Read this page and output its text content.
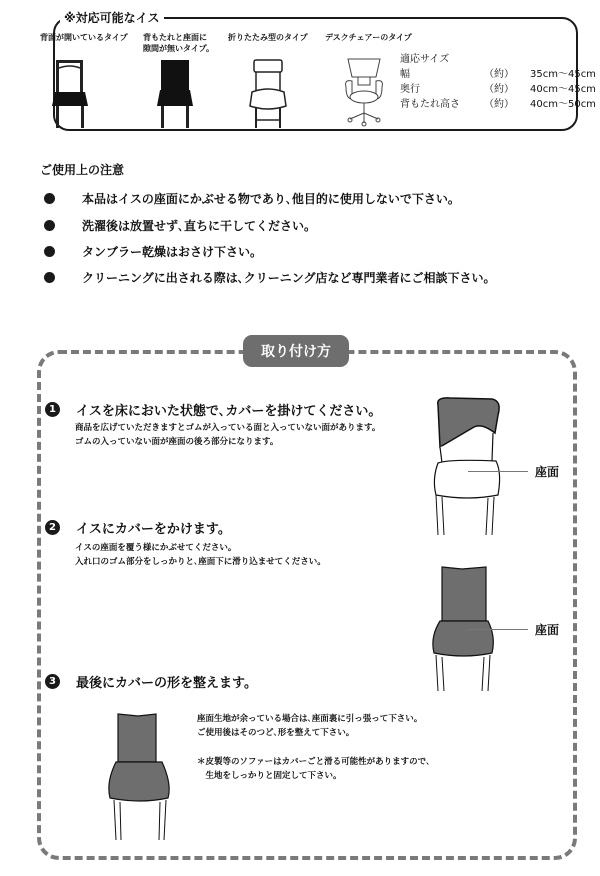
※対応可能なイス
背面が開いているタイプ 背もたれと座面に
隙間が無いタイプ。
折りたたみ型のタイプ デスクチェアーのタイプ
適応サイズ
幅	（約）	35cm〜45cm
奥行	（約）	40cm〜45cm
背もたれ高さ	（約）	40cm〜50cm
ご使用上の注意
本品はイスの座面にかぶせる物であり､他目的に使用しないで下さい。
洗濯後は放置せず､直ちに干してください。
タンブラー乾燥はおさけ下さい。
クリーニングに出される際は､クリーニング店など専門業者にご相談下さい。
取り付け方
1	イスを床においた状態で､カバーを掛けてください。
商品を広げていただきますとゴムが入っている面と入っていない面があります。
ゴムの入っていない面が座面の後ろ部分になります。
座面
2	イスにカバーをかけます。
イスの座面を覆う様にかぶせてください。
入れ口のゴム部分をしっかりと､座面下に滑り込ませてください。
座面
3	最後にカバーの形を整えます。
座面生地が余っている場合は､座面裏に引っ張って下さい。
ご使用後はそのつど､形を整えて下さい。
＊皮製等のソファーはカバーごと滑る可能性がありますので､
　生地をしっかりと固定して下さい。
